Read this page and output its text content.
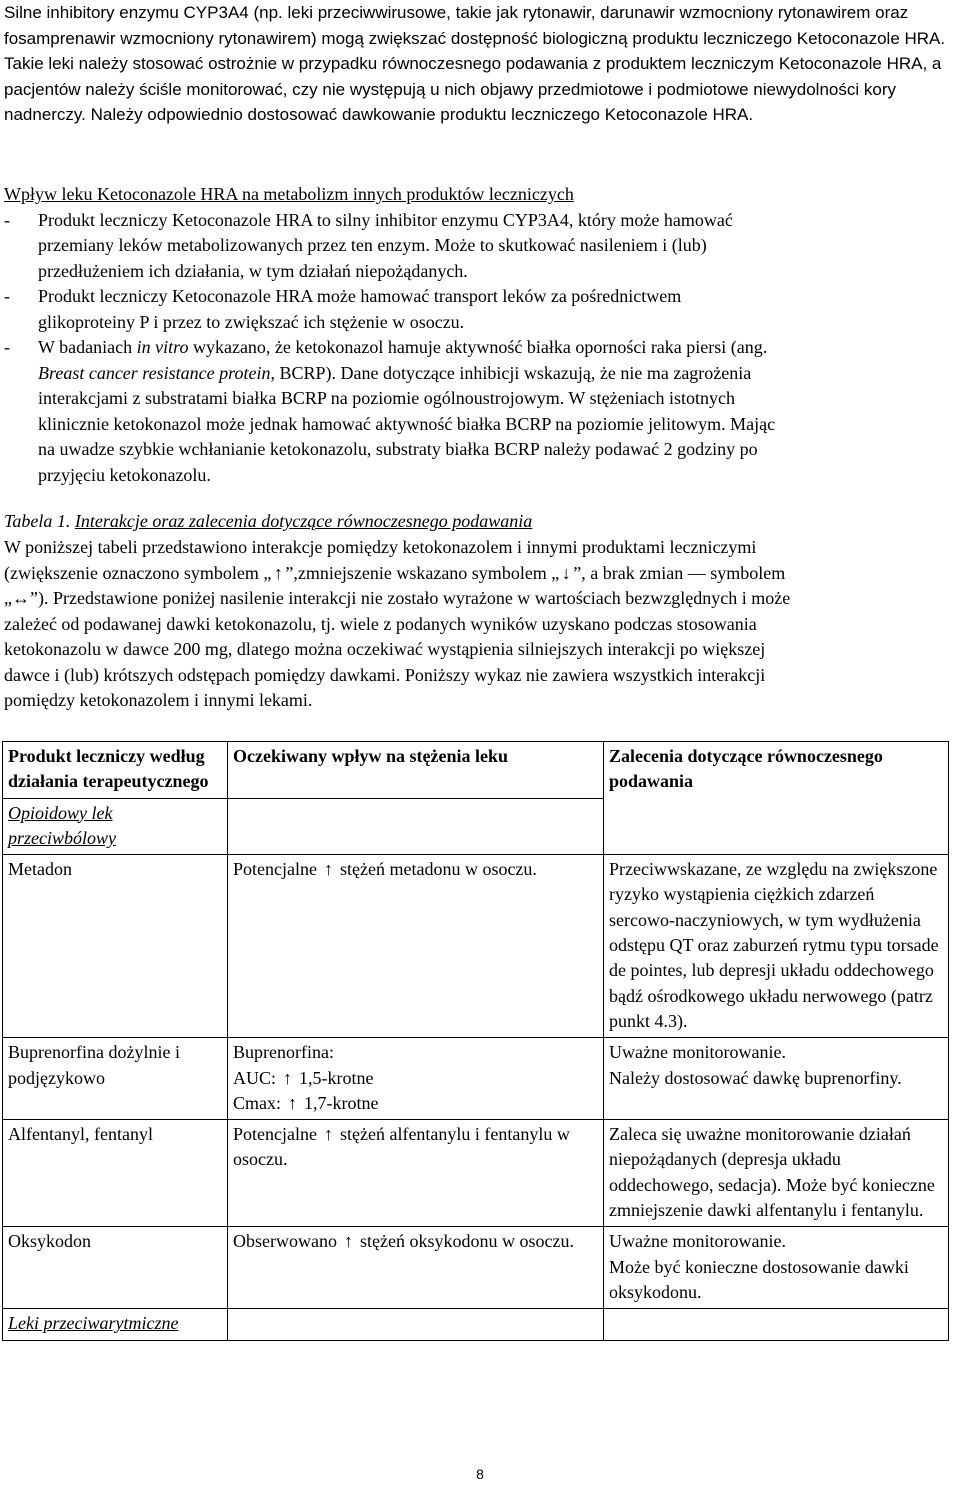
Silne inhibitory enzymu CYP3A4 (np. leki przeciwwirusowe, takie jak rytonawir, darunawir wzmocniony rytonawirem oraz fosamprenawir wzmocniony rytonawirem) mogą zwiększać dostępność biologiczną produktu leczniczego Ketoconazole HRA. Takie leki należy stosować ostrożnie w przypadku równoczesnego podawania z produktem leczniczym Ketoconazole HRA, a pacjentów należy ściśle monitorować, czy nie występują u nich objawy przedmiotowe i podmiotowe niewydolności kory nadnerczy. Należy odpowiednio dostosować dawkowanie produktu leczniczego Ketoconazole HRA.
Wpływ leku Ketoconazole HRA na metabolizm innych produktów leczniczych
- Produkt leczniczy Ketoconazole HRA to silny inhibitor enzymu CYP3A4, który może hamować
przemiany leków metabolizowanych przez ten enzym. Może to skutkować nasileniem i (lub)
przedłużeniem ich działania, w tym działań niepożądanych.
- Produkt leczniczy Ketoconazole HRA może hamować transport leków za pośrednictwem
glikoproteiny P i przez to zwiększać ich stężenie w osoczu.
- W badaniach in vitro wykazano, że ketokonazol hamuje aktywność białka oporności raka piersi (ang.
Breast cancer resistance protein, BCRP). Dane dotyczące inhibicji wskazują, że nie ma zagrożenia
interakcjami z substratami białka BCRP na poziomie ogólnoustrojowym. W stężeniach istotnych
klinicznie ketokonazol może jednak hamować aktywność białka BCRP na poziomie jelitowym. Mając
na uwadze szybkie wchłanianie ketokonazolu, substraty białka BCRP należy podawać 2 godziny po
przyjęciu ketokonazolu.
Tabela 1. Interakcje oraz zalecenia dotyczące równoczesnego podawania
W poniższej tabeli przedstawiono interakcje pomiędzy ketokonazolem i innymi produktami leczniczymi
(zwiększenie oznaczono symbolem „ ↑ ”,zmniejszenie wskazano symbolem „ ↓ ”, a brak zmian — symbolem
„↔”). Przedstawione poniżej nasilenie interakcji nie zostało wyrażone w wartościach bezwzględnych i może
zależeć od podawanej dawki ketokonazolu, tj. wiele z podanych wyników uzyskano podczas stosowania
ketokonazolu w dawce 200 mg, dlatego można oczekiwać wystąpienia silniejszych interakcji po większej
dawce i (lub) krótszych odstępach pomiędzy dawkami. Poniższy wykaz nie zawiera wszystkich interakcji
pomiędzy ketokonazolem i innymi lekami.
Produkt leczniczy według działania terapeutycznego	Oczekiwany wpływ na stężenia leku	Zalecenia dotyczące równoczesnego podawania
Opioidowy lek przeciwbólowy		
Metadon	Potencjalne ↑ stężeń metadonu w osoczu.	Przeciwwskazane, ze względu na zwiększone ryzyko wystąpienia ciężkich zdarzeń sercowo-naczyniowych, w tym wydłużenia odstępu QT oraz zaburzeń rytmu typu torsade de pointes, lub depresji układu oddechowego bądź ośrodkowego układu nerwowego (patrz punkt 4.3).
Buprenorfina dożylnie i podjęzykowo	Buprenorfina:
AUC: ↑ 1,5-krotne
Cmax: ↑ 1,7-krotne	Uważne monitorowanie.
Należy dostosować dawkę buprenorfiny.

Alfentanyl, fentanyl	Potencjalne ↑ stężeń alfentanylu i fentanylu w osoczu.	Zaleca się uważne monitorowanie działań niepożądanych (depresja układu oddechowego, sedacja). Może być konieczne zmniejszenie dawki alfentanylu i fentanylu.
Oksykodon	Obserwowano ↑ stężeń oksykodonu w osoczu.	Uważne monitorowanie.
Może być konieczne dostosowanie dawki oksykodonu.

Leki przeciwarytmiczne		
8
